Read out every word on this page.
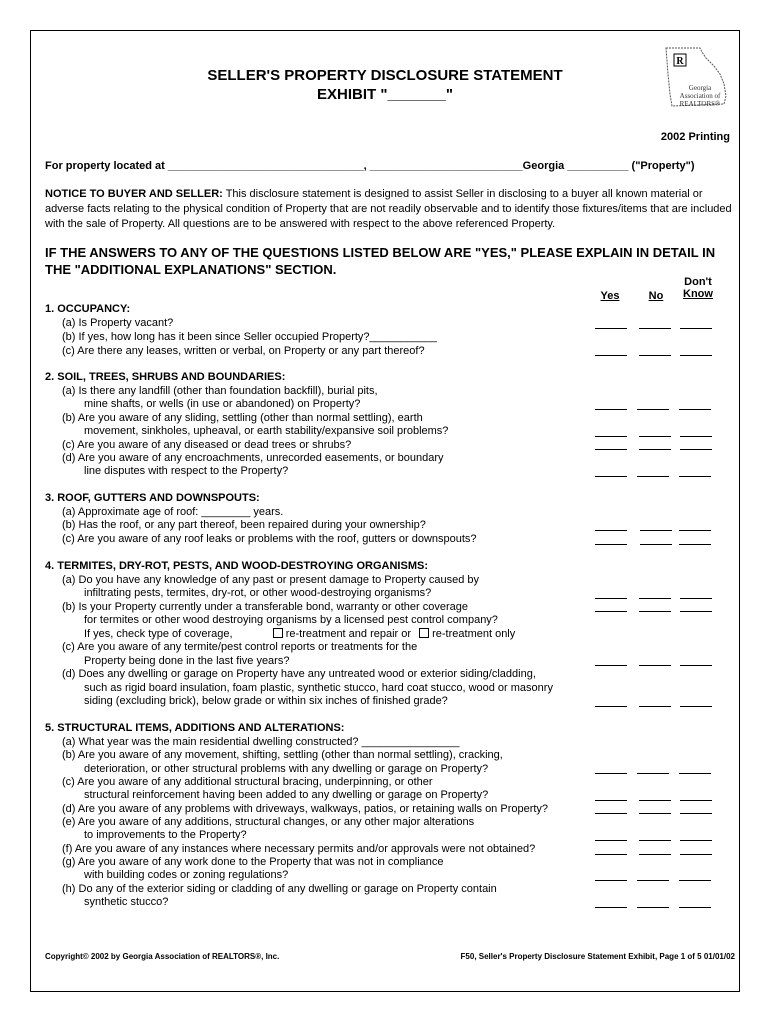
SELLER'S PROPERTY DISCLOSURE STATEMENT
EXHIBIT "_______"
R
Georgia Association of REALTORS®
2002 Printing
For property located at ________________________________, _________________________Georgia __________ ("Property")
NOTICE TO BUYER AND SELLER: This disclosure statement is designed to assist Seller in disclosing to a buyer all known material or adverse facts relating to the physical condition of Property that are not readily observable and to identify those fixtures/items that are included with the sale of Property. All questions are to be answered with respect to the above referenced Property.
IF THE ANSWERS TO ANY OF THE QUESTIONS LISTED BELOW ARE "YES," PLEASE EXPLAIN IN DETAIL IN THE "ADDITIONAL EXPLANATIONS" SECTION.
Yes	No
Don't
Know
1. OCCUPANCY:
(a) Is Property vacant?
(b) If yes, how long has it been since Seller occupied Property?___________
(c) Are there any leases, written or verbal, on Property or any part thereof?
2. SOIL, TREES, SHRUBS AND BOUNDARIES:
(a) Is there any landfill (other than foundation backfill), burial pits,
mine shafts, or wells (in use or abandoned) on Property?
(b) Are you aware of any sliding, settling (other than normal settling), earth
movement, sinkholes, upheaval, or earth stability/expansive soil problems?
(c) Are you aware of any diseased or dead trees or shrubs?
(d) Are you aware of any encroachments, unrecorded easements, or boundary
line disputes with respect to the Property?
3. ROOF, GUTTERS AND DOWNSPOUTS:
(a) Approximate age of roof: ________ years.
(b) Has the roof, or any part thereof, been repaired during your ownership?
(c) Are you aware of any roof leaks or problems with the roof, gutters or downspouts?
4. TERMITES, DRY-ROT, PESTS, AND WOOD-DESTROYING ORGANISMS:
(a) Do you have any knowledge of any past or present damage to Property caused by
infiltrating pests, termites, dry-rot, or other wood-destroying organisms?
(b) Is your Property currently under a transferable bond, warranty or other coverage
for termites or other wood destroying organisms by a licensed pest control company?
If yes, check type of coverage,	re-treatment and repair or re-treatment only
(c) Are you aware of any termite/pest control reports or treatments for the
Property being done in the last five years?
(d) Does any dwelling or garage on Property have any untreated wood or exterior siding/cladding,
such as rigid board insulation, foam plastic, synthetic stucco, hard coat stucco, wood or masonry
siding (excluding brick), below grade or within six inches of finished grade?
5. STRUCTURAL ITEMS, ADDITIONS AND ALTERATIONS:
(a) What year was the main residential dwelling constructed? ________________
(b) Are you aware of any movement, shifting, settling (other than normal settling), cracking,
deterioration, or other structural problems with any dwelling or garage on Property?
(c) Are you aware of any additional structural bracing, underpinning, or other
structural reinforcement having been added to any dwelling or garage on Property?
(d) Are you aware of any problems with driveways, walkways, patios, or retaining walls on Property?
(e) Are you aware of any additions, structural changes, or any other major alterations
to improvements to the Property?
(f) Are you aware of any instances where necessary permits and/or approvals were not obtained?
(g) Are you aware of any work done to the Property that was not in compliance
with building codes or zoning regulations?
(h) Do any of the exterior siding or cladding of any dwelling or garage on Property contain
synthetic stucco?
Copyright© 2002 by Georgia Association of REALTORS®, Inc.	F50, Seller's Property Disclosure Statement Exhibit, Page 1 of 5 01/01/02
